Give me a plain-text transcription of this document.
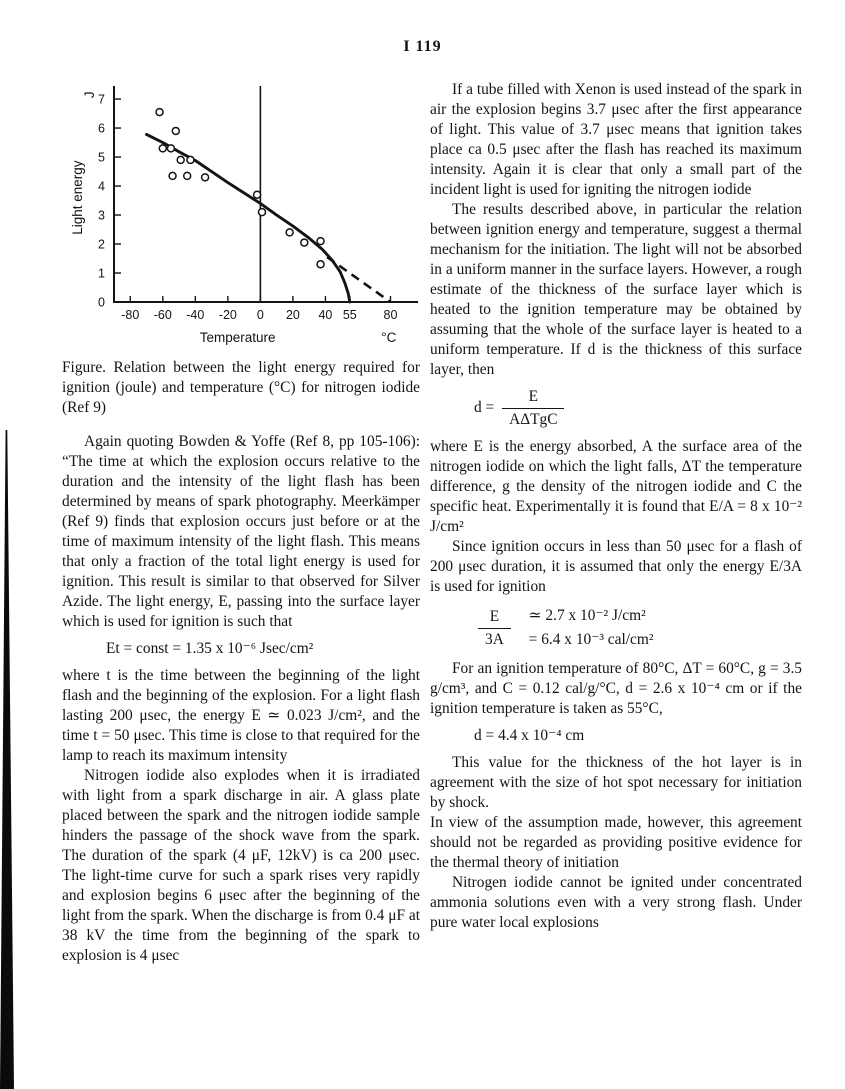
I 119
-80 -60 -40 -20 0 20 40 55 80
0
1
2
3
4
5
6
7
Temperature	°C
Light energy
J

Figure. Relation between the light energy required for ignition (joule) and temperature (°C) for nitrogen iodide (Ref 9)

Again quoting Bowden & Yoffe (Ref 8, pp 105-106): “The time at which the explosion occurs relative to the duration and the intensity of the light flash has been determined by means of spark photography. Meerkämper (Ref 9) finds that explosion occurs just before or at the time of maximum intensity of the light flash. This means that only a fraction of the total light energy is used for ignition. This result is similar to that observed for Silver Azide. The light energy, E, passing into the surface layer which is used for ignition is such that

Et = const = 1.35 x 10⁻⁶ Jsec/cm²

where t is the time between the beginning of the light flash and the beginning of the explosion. For a light flash lasting 200 μsec, the energy E ≃ 0.023 J/cm², and the time t = 50 μsec. This time is close to that required for the lamp to reach its maximum intensity

Nitrogen iodide also explodes when it is irradiated with light from a spark discharge in air. A glass plate placed between the spark and the nitrogen iodide sample hinders the passage of the shock wave from the spark. The duration of the spark (4 μF, 12kV) is ca 200 μsec. The light-time curve for such a spark rises very rapidly and explosion begins 6 μsec after the beginning of the light from the spark. When the discharge is from 0.4 μF at 38 kV the time from the beginning of the spark to explosion is 4 μsec

If a tube filled with Xenon is used instead of the spark in air the explosion begins 3.7 μsec after the first appearance of light. This value of 3.7 μsec means that ignition takes place ca 0.5 μsec after the flash has reached its maximum intensity. Again it is clear that only a small part of the incident light is used for igniting the nitrogen iodide

The results described above, in particular the relation between ignition energy and temperature, suggest a thermal mechanism for the initiation. The light will not be absorbed in a uniform manner in the surface layers. However, a rough estimate of the thickness of the surface layer which is heated to the ignition temperature may be obtained by assuming that the whole of the surface layer is heated to a uniform temperature. If d is the thickness of this surface layer, then

$d = \frac{E}{\text{AΔTgC}}$

where E is the energy absorbed, A the surface area of the nitrogen iodide on which the light falls, ΔT the temperature difference, g the density of the nitrogen iodide and C the specific heat. Experimentally it is found that E/A = 8 x 10⁻² J/cm²

Since ignition occurs in less than 50 μsec for a flash of 200 μsec duration, it is assumed that only the energy E/3A is used for ignition

$\frac{E}{3A}$
≃ 2.7 x 10⁻² J/cm²
= 6.4 x 10⁻³ cal/cm²

For an ignition temperature of 80°C, ΔT = 60°C, g = 3.5 g/cm³, and C = 0.12 cal/g/°C, d = 2.6 x 10⁻⁴ cm or if the ignition temperature is taken as 55°C,

d = 4.4 x 10⁻⁴ cm

This value for the thickness of the hot layer is in agreement with the size of hot spot necessary for initiation by shock.

In view of the assumption made, however, this agreement should not be regarded as providing positive evidence for the thermal theory of initiation

Nitrogen iodide cannot be ignited under concentrated ammonia solutions even with a very strong flash. Under pure water local explosions
